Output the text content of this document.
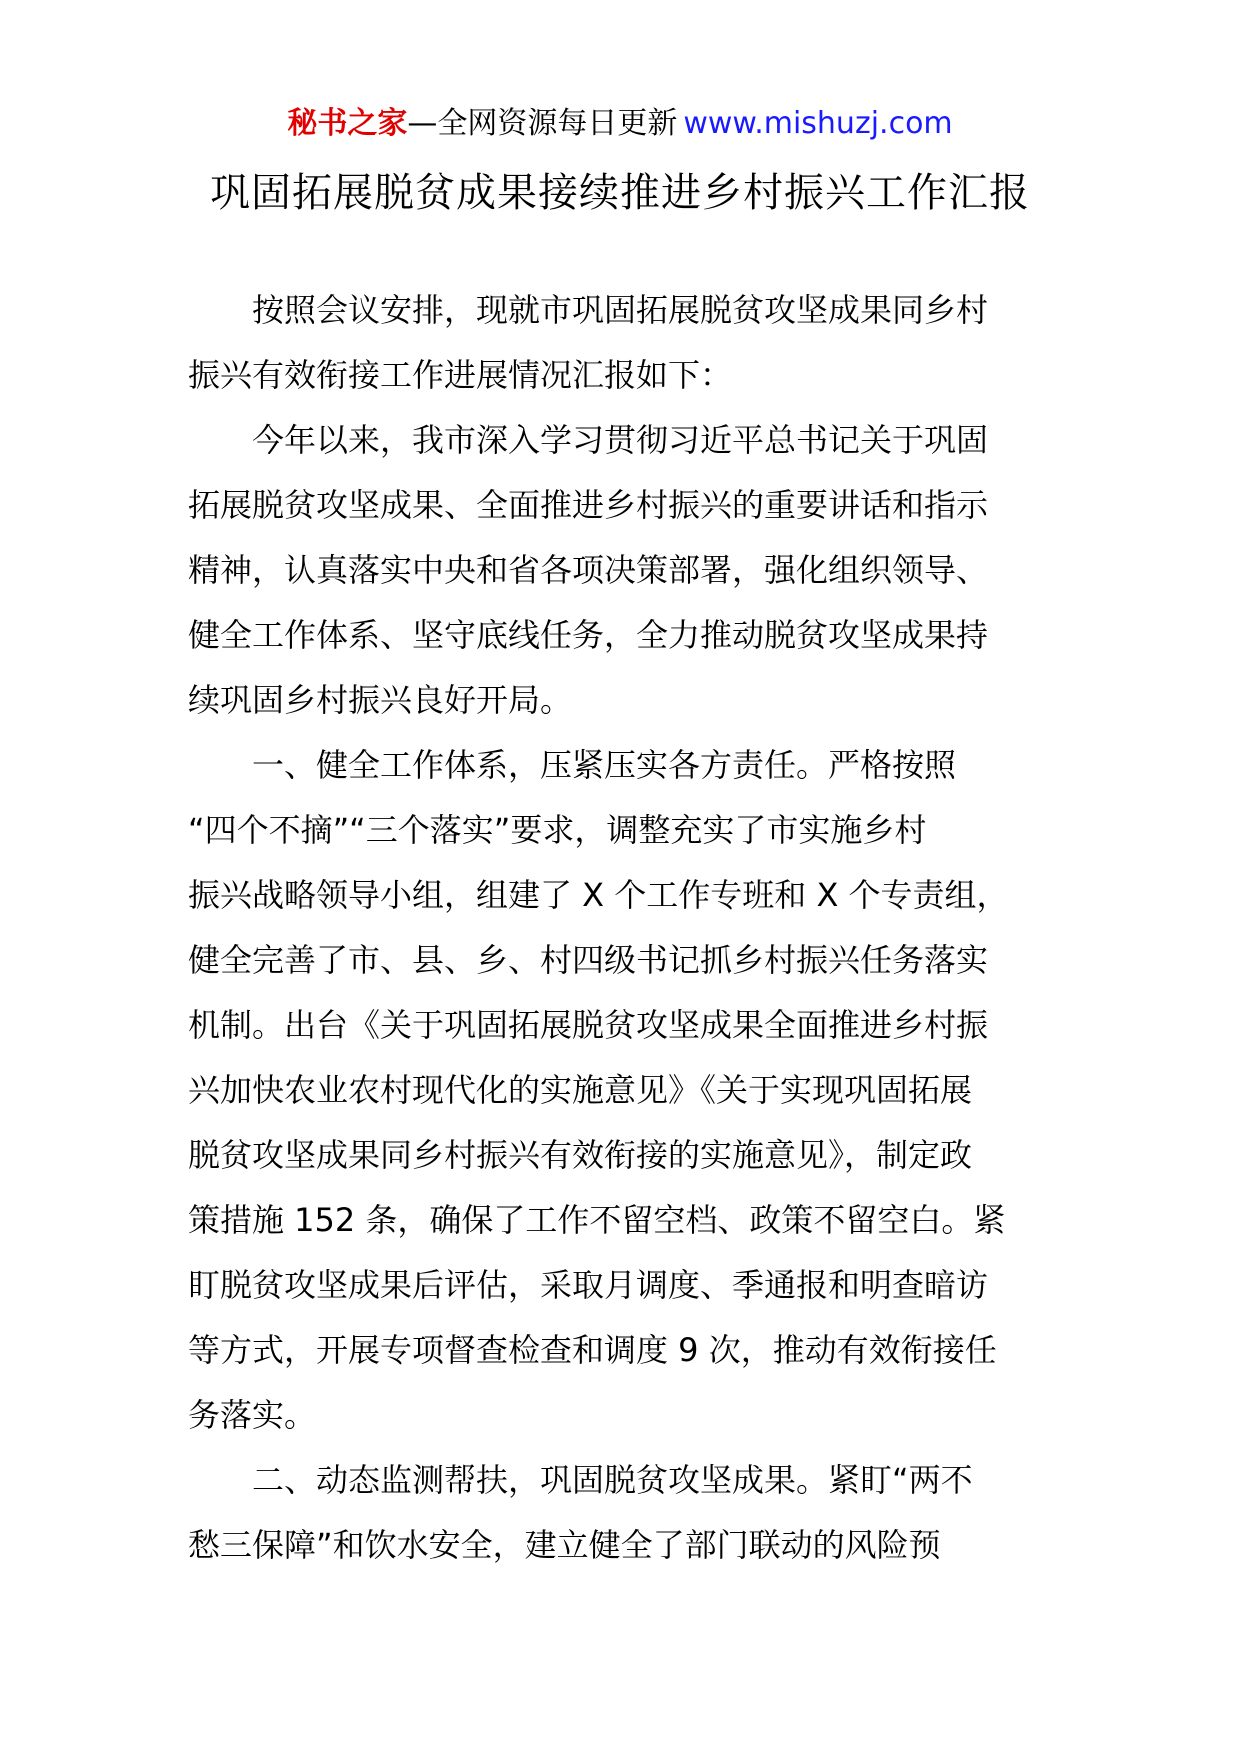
秘书之家—全网资源每日更新 www.mishuzj.com
巩固拓展脱贫成果接续推进乡村振兴工作汇报
按照会议安排，现就市巩固拓展脱贫攻坚成果同乡村
振兴有效衔接工作进展情况汇报如下：
今年以来，我市深入学习贯彻习近平总书记关于巩固
拓展脱贫攻坚成果、全面推进乡村振兴的重要讲话和指示
精神，认真落实中央和省各项决策部署，强化组织领导、
健全工作体系、坚守底线任务，全力推动脱贫攻坚成果持
续巩固乡村振兴良好开局。
一、健全工作体系，压紧压实各方责任。严格按照
“四个不摘”“三个落实”要求，调整充实了市实施乡村
振兴战略领导小组，组建了 X 个工作专班和 X 个专责组，
健全完善了市、县、乡、村四级书记抓乡村振兴任务落实
机制。出台《关于巩固拓展脱贫攻坚成果全面推进乡村振
兴加快农业农村现代化的实施意见》《关于实现巩固拓展
脱贫攻坚成果同乡村振兴有效衔接的实施意见》，制定政
策措施 152 条，确保了工作不留空档、政策不留空白。紧
盯脱贫攻坚成果后评估，采取月调度、季通报和明查暗访
等方式，开展专项督查检查和调度 9 次，推动有效衔接任
务落实。
二、动态监测帮扶，巩固脱贫攻坚成果。紧盯“两不
愁三保障”和饮水安全，建立健全了部门联动的风险预
